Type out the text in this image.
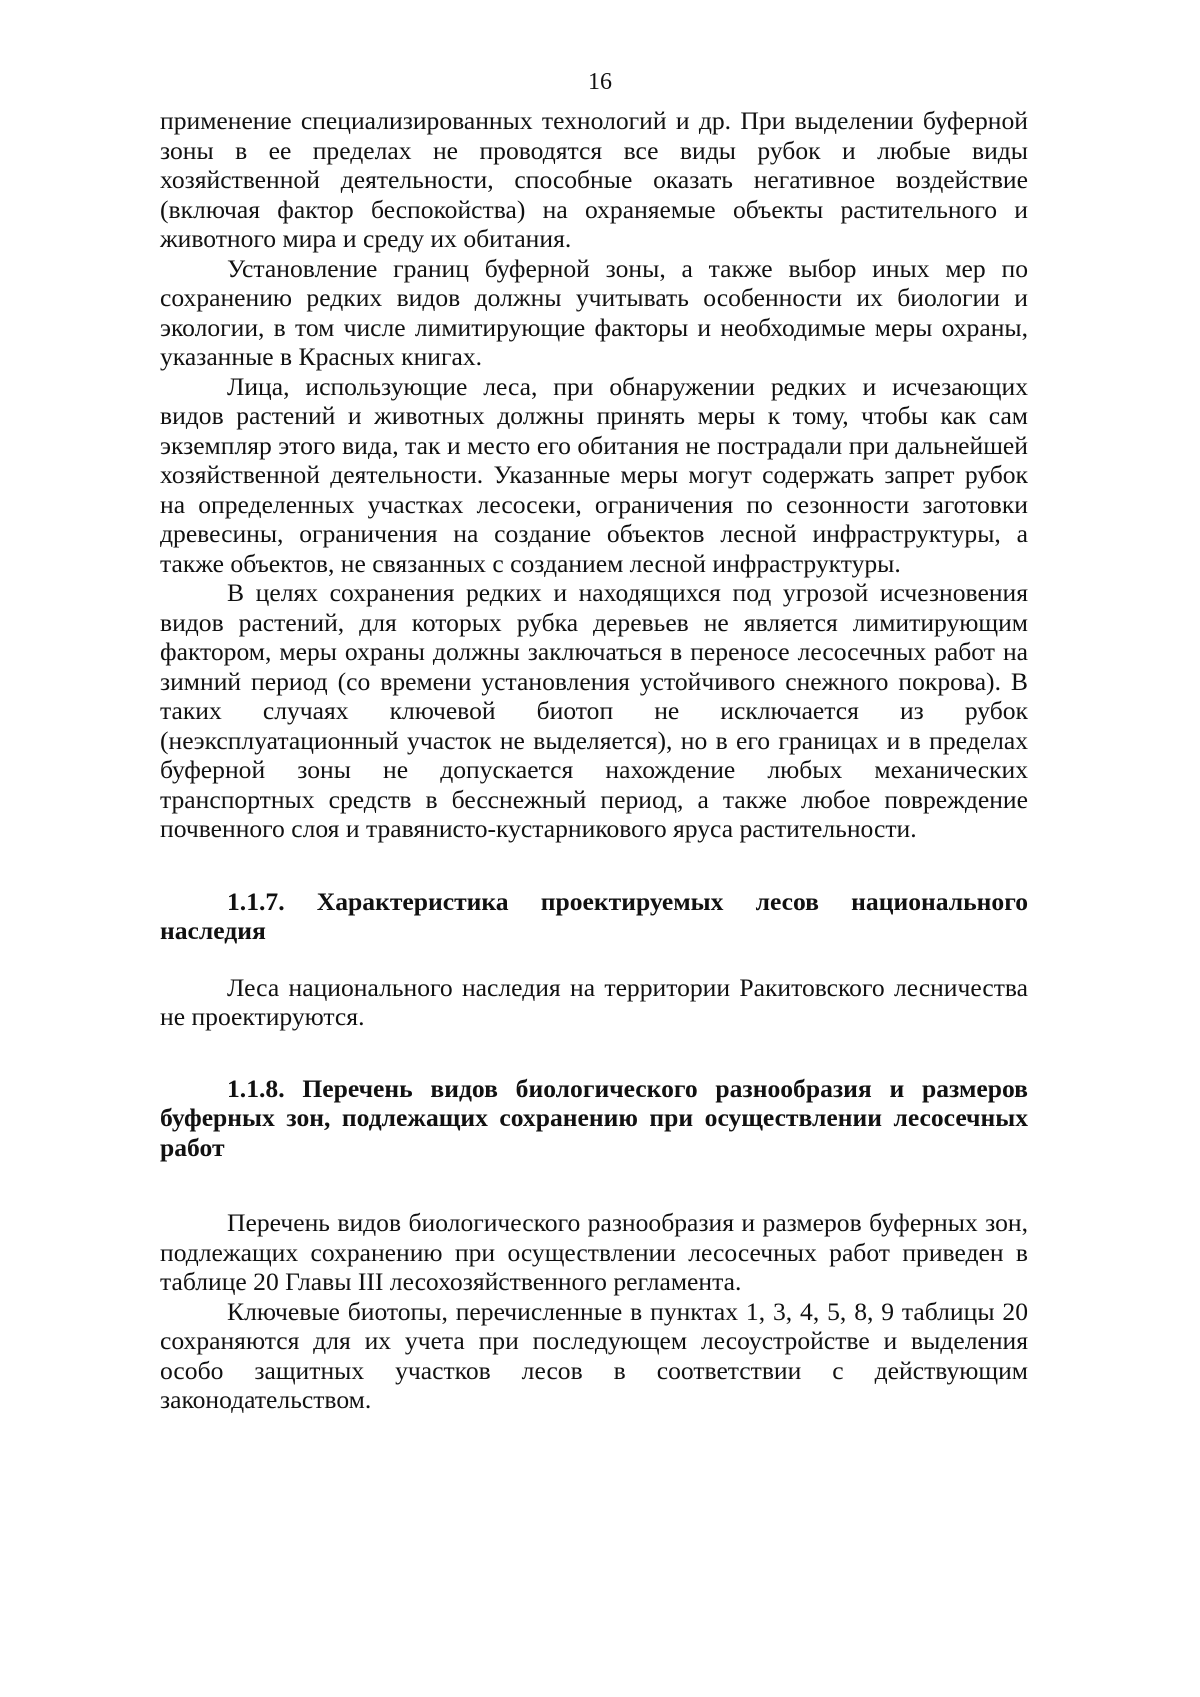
16

применение специализированных технологий и др. При выделении буферной зоны в ее пределах не проводятся все виды рубок и любые виды хозяйственной деятельности, способные оказать негативное воздействие (включая фактор беспокойства) на охраняемые объекты растительного и животного мира и среду их обитания.

Установление границ буферной зоны, а также выбор иных мер по сохранению редких видов должны учитывать особенности их биологии и экологии, в том числе лимитирующие факторы и необходимые меры охраны, указанные в Красных книгах.

Лица, использующие леса, при обнаружении редких и исчезающих видов растений и животных должны принять меры к тому, чтобы как сам экземпляр этого вида, так и место его обитания не пострадали при дальнейшей хозяйственной деятельности. Указанные меры могут содержать запрет рубок на определенных участках лесосеки, ограничения по сезонности заготовки древесины, ограничения на создание объектов лесной инфраструктуры, а также объектов, не связанных с созданием лесной инфраструктуры.

В целях сохранения редких и находящихся под угрозой исчезновения видов растений, для которых рубка деревьев не является лимитирующим фактором, меры охраны должны заключаться в переносе лесосечных работ на зимний период (со времени установления устойчивого снежного покрова). В таких случаях ключевой биотоп не исключается из рубок (неэксплуатационный участок не выделяется), но в его границах и в пределах буферной зоны не допускается нахождение любых механических транспортных средств в бесснежный период, а также любое повреждение почвенного слоя и травянисто-кустарникового яруса растительности.

1.1.7. Характеристика проектируемых лесов национального наследия

Леса национального наследия на территории Ракитовского лесничества не проектируются.

1.1.8. Перечень видов биологического разнообразия и размеров буферных зон, подлежащих сохранению при осуществлении лесосечных работ

Перечень видов биологического разнообразия и размеров буферных зон, подлежащих сохранению при осуществлении лесосечных работ приведен в таблице 20 Главы III лесохозяйственного регламента.

Ключевые биотопы, перечисленные в пунктах 1, 3, 4, 5, 8, 9 таблицы 20 сохраняются для их учета при последующем лесоустройстве и выделения особо защитных участков лесов в соответствии с действующим законодательством.
